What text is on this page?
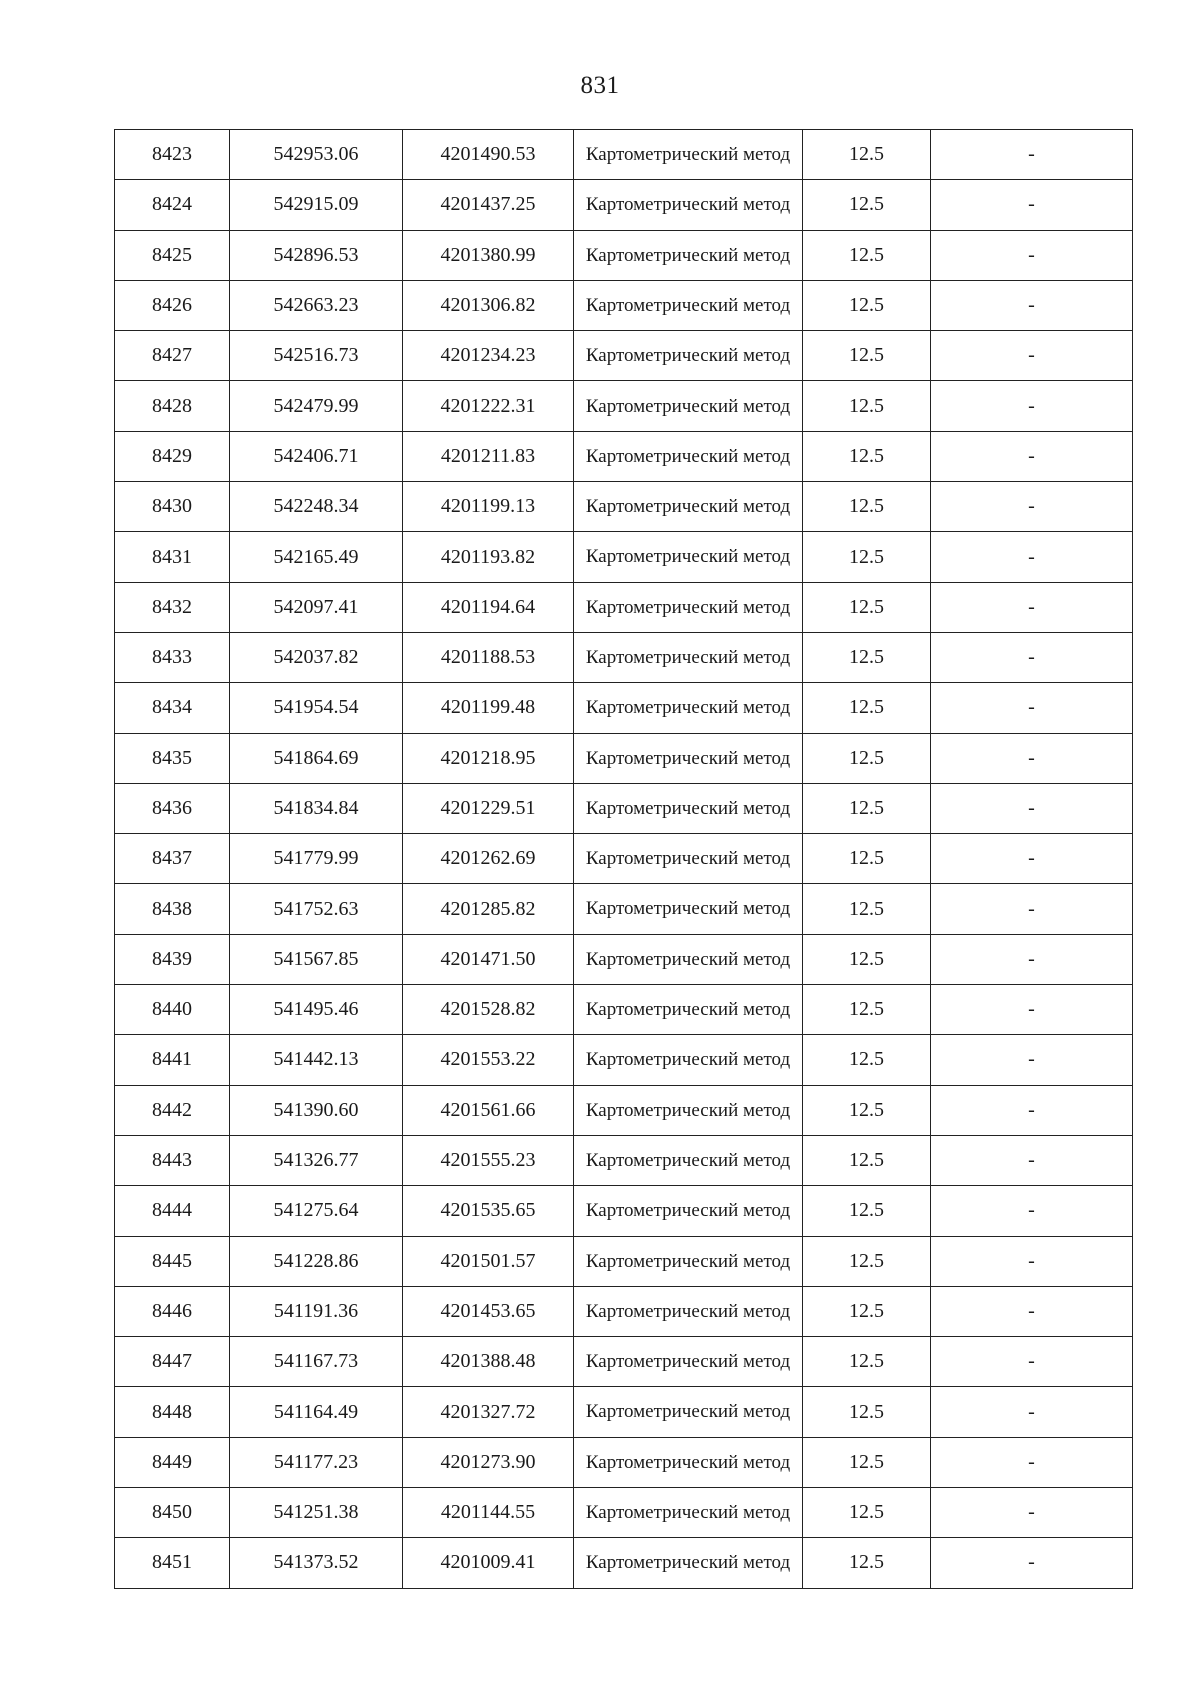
831
8423	542953.06	4201490.53	Картометрический метод	12.5	-
8424	542915.09	4201437.25	Картометрический метод	12.5	-
8425	542896.53	4201380.99	Картометрический метод	12.5	-
8426	542663.23	4201306.82	Картометрический метод	12.5	-
8427	542516.73	4201234.23	Картометрический метод	12.5	-
8428	542479.99	4201222.31	Картометрический метод	12.5	-
8429	542406.71	4201211.83	Картометрический метод	12.5	-
8430	542248.34	4201199.13	Картометрический метод	12.5	-
8431	542165.49	4201193.82	Картометрический метод	12.5	-
8432	542097.41	4201194.64	Картометрический метод	12.5	-
8433	542037.82	4201188.53	Картометрический метод	12.5	-
8434	541954.54	4201199.48	Картометрический метод	12.5	-
8435	541864.69	4201218.95	Картометрический метод	12.5	-
8436	541834.84	4201229.51	Картометрический метод	12.5	-
8437	541779.99	4201262.69	Картометрический метод	12.5	-
8438	541752.63	4201285.82	Картометрический метод	12.5	-
8439	541567.85	4201471.50	Картометрический метод	12.5	-
8440	541495.46	4201528.82	Картометрический метод	12.5	-
8441	541442.13	4201553.22	Картометрический метод	12.5	-
8442	541390.60	4201561.66	Картометрический метод	12.5	-
8443	541326.77	4201555.23	Картометрический метод	12.5	-
8444	541275.64	4201535.65	Картометрический метод	12.5	-
8445	541228.86	4201501.57	Картометрический метод	12.5	-
8446	541191.36	4201453.65	Картометрический метод	12.5	-
8447	541167.73	4201388.48	Картометрический метод	12.5	-
8448	541164.49	4201327.72	Картометрический метод	12.5	-
8449	541177.23	4201273.90	Картометрический метод	12.5	-
8450	541251.38	4201144.55	Картометрический метод	12.5	-
8451	541373.52	4201009.41	Картометрический метод	12.5	-
